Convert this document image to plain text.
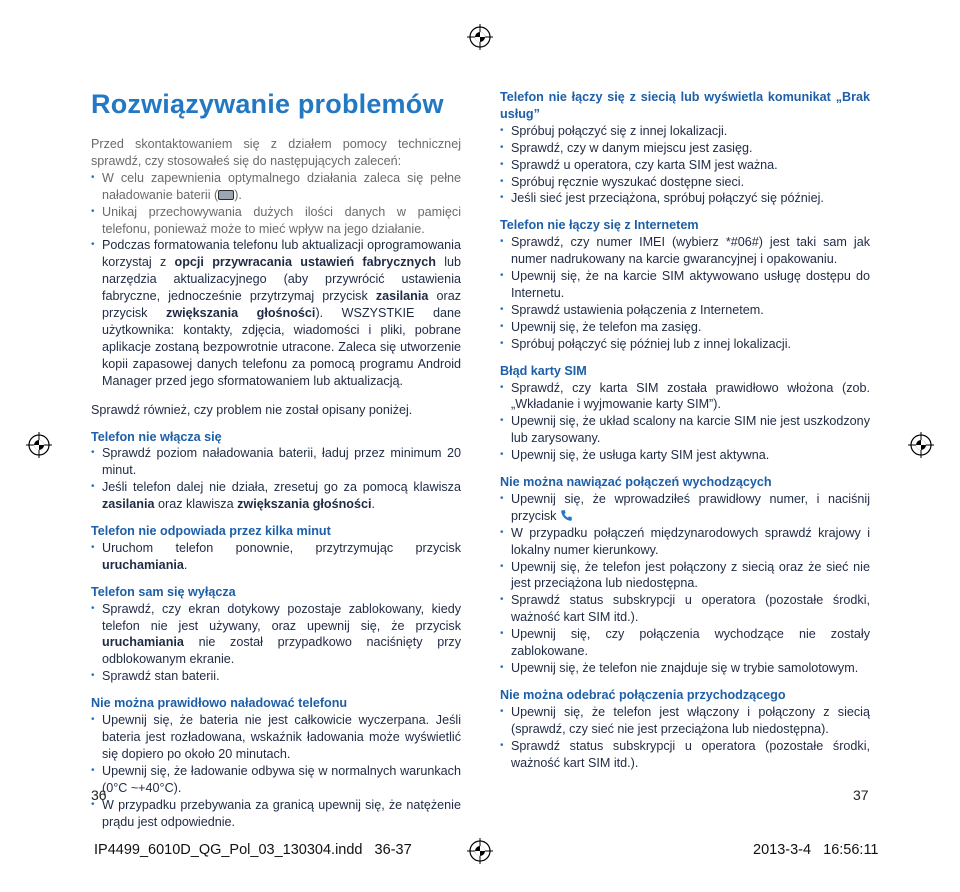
Rozwiązywanie problemów

Przed skontaktowaniem się z działem pomocy technicznej sprawdź, czy stosowałeś się do następujących zaleceń:

• W celu zapewnienia optymalnego działania zaleca się pełne naładowanie baterii ( ).
• Unikaj przechowywania dużych ilości danych w pamięci telefonu, ponieważ może to mieć wpływ na jego działanie.
• Podczas formatowania telefonu lub aktualizacji oprogramowania korzystaj z opcji przywracania ustawień fabrycznych lub narzędzia aktualizacyjnego (aby przywrócić ustawienia fabryczne, jednocześnie przytrzymaj przycisk zasilania oraz przycisk zwiększania głośności). WSZYSTKIE dane użytkownika: kontakty, zdjęcia, wiadomości i pliki, pobrane aplikacje zostaną bezpowrotnie utracone. Zaleca się utworzenie kopii zapasowej danych telefonu za pomocą programu Android Manager przed jego sformatowaniem lub aktualizacją.

Sprawdź również, czy problem nie został opisany poniżej.

Telefon nie włącza się

• Sprawdź poziom naładowania baterii, ładuj przez minimum 20 minut.
• Jeśli telefon dalej nie działa, zresetuj go za pomocą klawisza zasilania oraz klawisza zwiększania głośności.

Telefon nie odpowiada przez kilka minut

• Uruchom telefon ponownie, przytrzymując przycisk uruchamiania.

Telefon sam się wyłącza

• Sprawdź, czy ekran dotykowy pozostaje zablokowany, kiedy telefon nie jest używany, oraz upewnij się, że przycisk uruchamiania nie został przypadkowo naciśnięty przy odblokowanym ekranie.
• Sprawdź stan baterii.

Nie można prawidłowo naładować telefonu

• Upewnij się, że bateria nie jest całkowicie wyczerpana. Jeśli bateria jest rozładowana, wskaźnik ładowania może wyświetlić się dopiero po około 20 minutach.
• Upewnij się, że ładowanie odbywa się w normalnych warunkach (0°C ~+40°C).
• W przypadku przebywania za granicą upewnij się, że natężenie prądu jest odpowiednie.

Telefon nie łączy się z siecią lub wyświetla komunikat „Brak usług”

• Spróbuj połączyć się z innej lokalizacji.
• Sprawdź, czy w danym miejscu jest zasięg.
• Sprawdź u operatora, czy karta SIM jest ważna.
• Spróbuj ręcznie wyszukać dostępne sieci.
• Jeśli sieć jest przeciążona, spróbuj połączyć się później.

Telefon nie łączy się z Internetem

• Sprawdź, czy numer IMEI (wybierz *#06#) jest taki sam jak numer nadrukowany na karcie gwarancyjnej i opakowaniu.
• Upewnij się, że na karcie SIM aktywowano usługę dostępu do Internetu.
• Sprawdź ustawienia połączenia z Internetem.
• Upewnij się, że telefon ma zasięg.
• Spróbuj połączyć się później lub z innej lokalizacji.

Błąd karty SIM

• Sprawdź, czy karta SIM została prawidłowo włożona (zob. „Wkładanie i wyjmowanie karty SIM”).
• Upewnij się, że układ scalony na karcie SIM nie jest uszkodzony lub zarysowany.
• Upewnij się, że usługa karty SIM jest aktywna.

Nie można nawiązać połączeń wychodzących

• Upewnij się, że wprowadziłeś prawidłowy numer, i naciśnij przycisk
• W przypadku połączeń międzynarodowych sprawdź krajowy i lokalny numer kierunkowy.
• Upewnij się, że telefon jest połączony z siecią oraz że sieć nie jest przeciążona lub niedostępna.
• Sprawdź status subskrypcji u operatora (pozostałe środki, ważność kart SIM itd.).
• Upewnij się, czy połączenia wychodzące nie zostały zablokowane.
• Upewnij się, że telefon nie znajduje się w trybie samolotowym.

Nie można odebrać połączenia przychodzącego

• Upewnij się, że telefon jest włączony i połączony z siecią (sprawdź, czy sieć nie jest przeciążona lub niedostępna).
• Sprawdź status subskrypcji u operatora (pozostałe środki, ważność kart SIM itd.).
36	37
IP4499_6010D_QG_Pol_03_130304.indd   36-37	2013-3-4   16:56:11
